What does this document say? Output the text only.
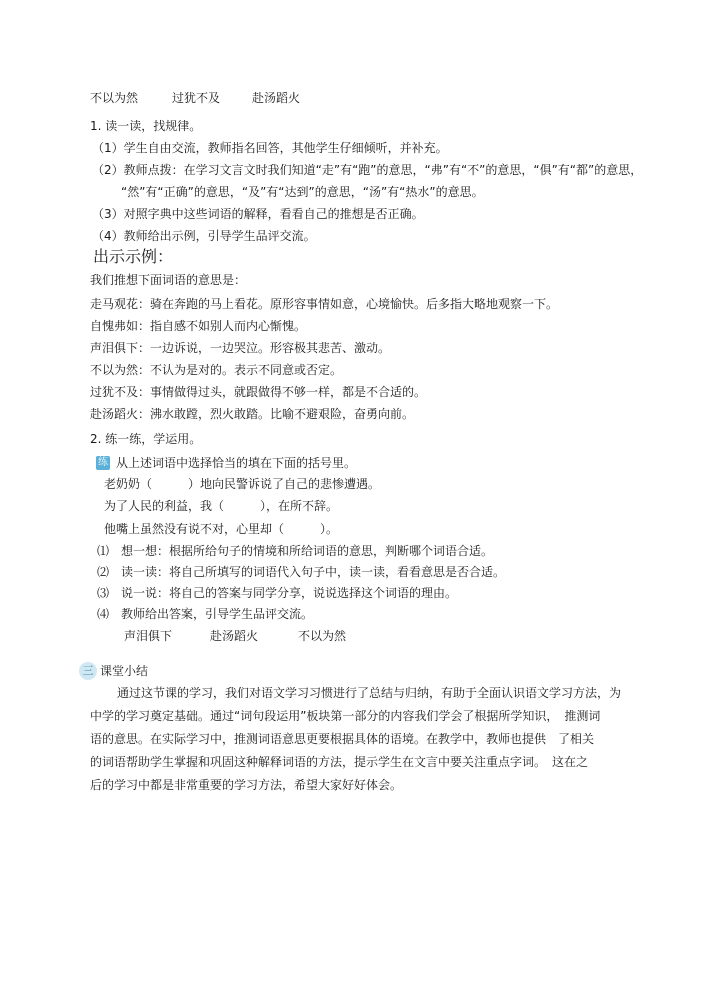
不以为然	过犹不及	赴汤蹈火
1. 读一读，找规律。
（1）学生自由交流，教师指名回答，其他学生仔细倾听，并补充。
（2）教师点拨：在学习文言文时我们知道“走”有“跑”的意思，“弗”有“不”的意思，“俱”有“都”的意思，
“然”有“正确”的意思，“及”有“达到”的意思，“汤”有“热水”的意思。
（3）对照字典中这些词语的解释，看看自己的推想是否正确。
（4）教师给出示例，引导学生品评交流。
出示示例：
我们推想下面词语的意思是：
走马观花：骑在奔跑的马上看花。原形容事情如意，心境愉快。后多指大略地观察一下。
自愧弗如：指自感不如别人而内心惭愧。
声泪俱下：一边诉说，一边哭泣。形容极其悲苦、激动。
不以为然：不认为是对的。表示不同意或否定。
过犹不及：事情做得过头，就跟做得不够一样，都是不合适的。
赴汤蹈火：沸水敢蹚，烈火敢踏。比喻不避艰险，奋勇向前。
2. 练一练，学运用。
练 从上述词语中选择恰当的填在下面的括号里。
老奶奶（　　　）地向民警诉说了自己的悲惨遭遇。
为了人民的利益，我（　　　），在所不辞。
他嘴上虽然没有说不对，心里却（　　　）。
⑴　想一想：根据所给句子的情境和所给词语的意思，判断哪个词语合适。
⑵　读一读：将自己所填写的词语代入句子中，读一读，看看意思是否合适。
⑶　说一说：将自己的答案与同学分享，说说选择这个词语的理由。
⑷　教师给出答案，引导学生品评交流。
声泪俱下	赴汤蹈火	不以为然
三 课堂小结
通过这节课的学习，我们对语文学习习惯进行了总结与归纳，有助于全面认识语文学习方法，为
中学的学习奠定基础。通过“词句段运用”板块第一部分的内容我们学会了根据所学知识，　推测词
语的意思。在实际学习中，推测词语意思更要根据具体的语境。在教学中，教师也提供　了相关
的词语帮助学生掌握和巩固这种解释词语的方法，提示学生在文言中要关注重点字词。　这在之
后的学习中都是非常重要的学习方法，希望大家好好体会。
